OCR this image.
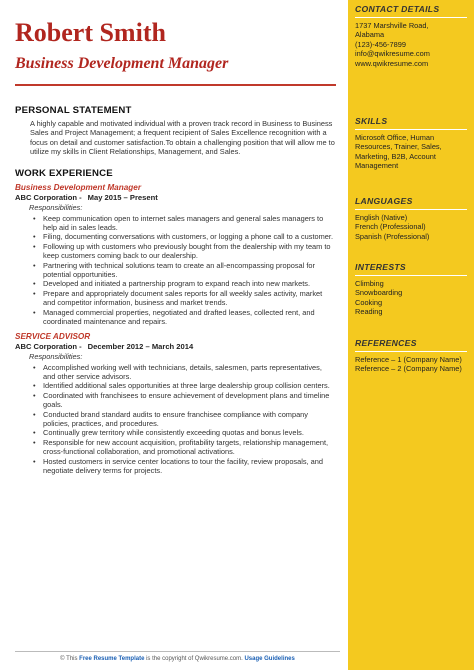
Robert Smith
Business Development Manager
PERSONAL STATEMENT
A highly capable and motivated individual with a proven track record in Business to Business Sales and Project Management; a frequent recipient of Sales Excellence recognition with a focus on detail and customer satisfaction.To obtain a challenging position that will allow me to utilize my skills in Client Relationships, Management, and Sales.
WORK EXPERIENCE
Business Development Manager
ABC Corporation - May 2015 – Present
Responsibilities:
• Keep communication open to internet sales managers and general sales managers to help aid in sales leads.
• Filing, documenting conversations with customers, or logging a phone call to a customer.
• Following up with customers who previously bought from the dealership with my team to keep customers coming back to our dealership.
• Partnering with technical solutions team to create an all-encompassing proposal for potential opportunities.
• Developed and initiated a partnership program to expand reach into new markets.
• Prepare and appropriately document sales reports for all weekly sales activity, market and competitor information, business and market trends.
• Managed commercial properties, negotiated and drafted leases, collected rent, and coordinated maintenance and repairs.
SERVICE ADVISOR
ABC Corporation - December 2012 – March 2014
Responsibilities:
• Accomplished working well with technicians, details, salesmen, parts representatives, and other service advisors.
• Identified additional sales opportunities at three large dealership group collision centers.
• Coordinated with franchisees to ensure achievement of development plans and timeline goals.
• Conducted brand standard audits to ensure franchisee compliance with company policies, practices, and procedures.
• Continually grew territory while consistently exceeding quotas and bonus levels.
• Responsible for new account acquisition, profitability targets, relationship management, cross-functional collaboration, and promotional activations.
• Hosted customers in service center locations to tour the facility, review proposals, and negotiate delivery terms for projects.
CONTACT DETAILS
1737 Marshville Road,
Alabama
(123)-456-7899
info@qwikresume.com
www.qwikresume.com
SKILLS
Microsoft Office, Human Resources, Trainer, Sales, Marketing, B2B, Account Management
LANGUAGES
English (Native)
French (Professional)
Spanish (Professional)
INTERESTS
Climbing
Snowboarding
Cooking
Reading
REFERENCES
Reference – 1 (Company Name)
Reference – 2 (Company Name)
© This Free Resume Template is the copyright of Qwikresume.com. Usage Guidelines
